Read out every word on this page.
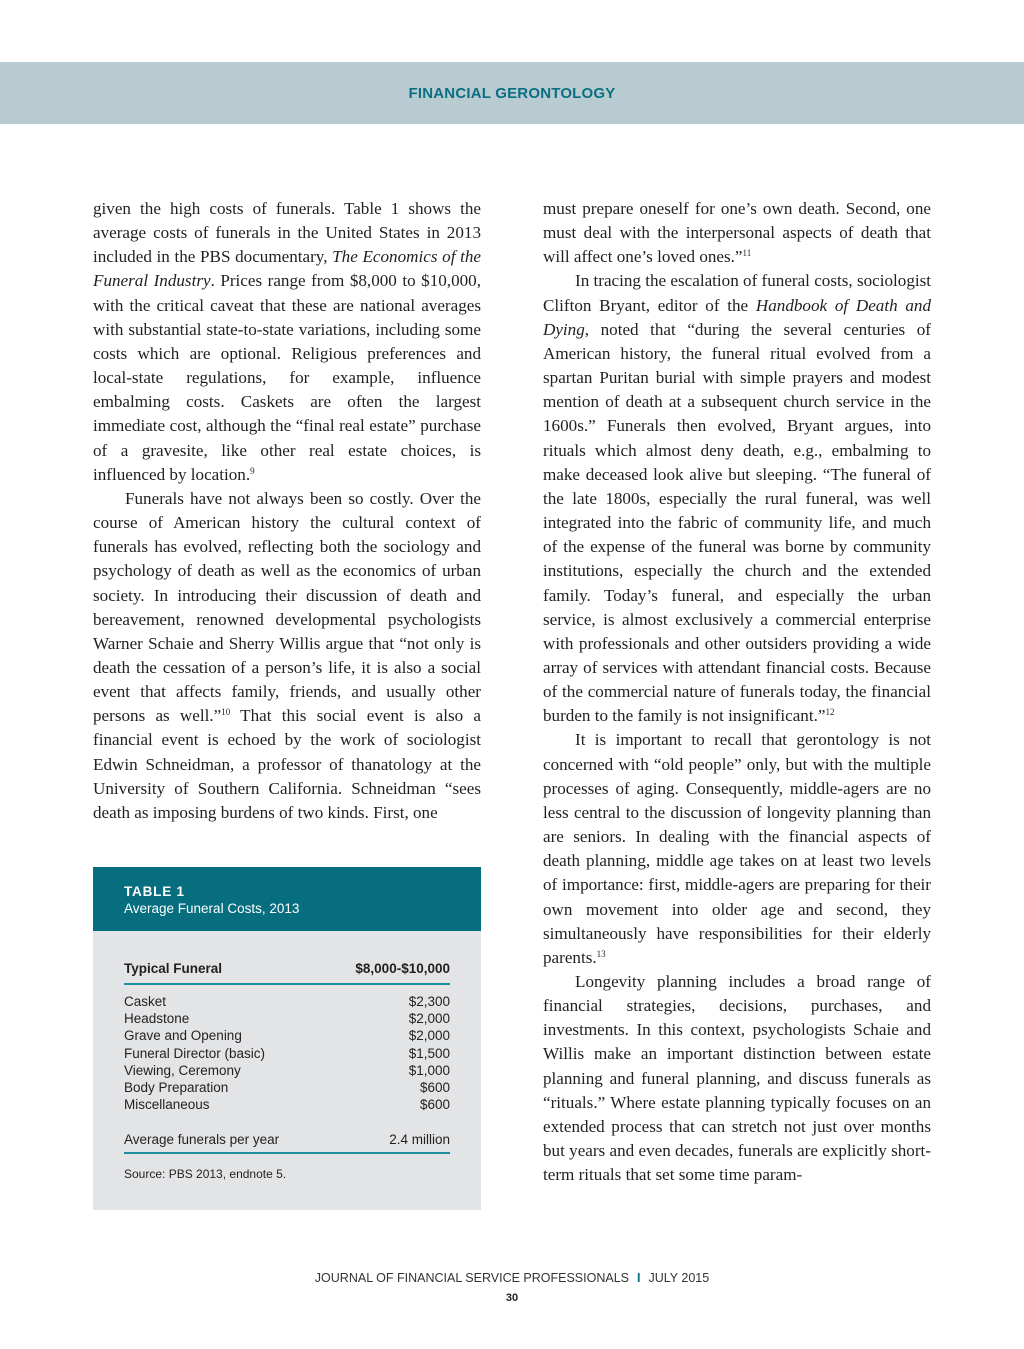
FINANCIAL GERONTOLOGY

given the high costs of funerals. Table 1 shows the average costs of funerals in the United States in 2013 included in the PBS documentary, The Economics of the Funeral Industry. Prices range from $8,000 to $10,000, with the critical caveat that these are national averages with substantial state-to-state variations, including some costs which are optional. Religious preferences and local-state regulations, for example, influence embalming costs. Caskets are often the largest immediate cost, although the “final real estate” purchase of a gravesite, like other real estate choices, is influenced by location.$^9$

Funerals have not always been so costly. Over the course of American history the cultural context of funerals has evolved, reflecting both the sociology and psychology of death as well as the economics of urban society. In introducing their discussion of death and bereavement, renowned developmental psychologists Warner Schaie and Sherry Willis argue that “not only is death the cessation of a person’s life, it is also a social event that affects family, friends, and usually other persons as well.”$^{10}$ That this social event is also a financial event is echoed by the work of sociologist Edwin Schneidman, a professor of thanatology at the University of Southern California. Schneidman “sees death as imposing burdens of two kinds. First, one

must prepare oneself for one’s own death. Second, one must deal with the interpersonal aspects of death that will affect one’s loved ones.”$^{11}$

In tracing the escalation of funeral costs, sociologist Clifton Bryant, editor of the Handbook of Death and Dying, noted that “during the several centuries of American history, the funeral ritual evolved from a spartan Puritan burial with simple prayers and modest mention of death at a subsequent church service in the 1600s.” Funerals then evolved, Bryant argues, into rituals which almost deny death, e.g., embalming to make deceased look alive but sleeping. “The funeral of the late 1800s, especially the rural funeral, was well integrated into the fabric of community life, and much of the expense of the funeral was borne by community institutions, especially the church and the extended family. Today’s funeral, and especially the urban service, is almost exclusively a commercial enterprise with professionals and other outsiders providing a wide array of services with attendant financial costs. Because of the commercial nature of funerals today, the financial burden to the family is not insignificant.”$^{12}$

It is important to recall that gerontology is not concerned with “old people” only, but with the multiple processes of aging. Consequently, middle-agers are no less central to the discussion of longevity planning than are seniors. In dealing with the financial aspects of death planning, middle age takes on at least two levels of importance: first, middle-agers are preparing for their own movement into older age and second, they simultaneously have responsibilities for their elderly parents.$^{13}$

Longevity planning includes a broad range of financial strategies, decisions, purchases, and investments. In this context, psychologists Schaie and Willis make an important distinction between estate planning and funeral planning, and discuss funerals as “rituals.” Where estate planning typically focuses on an extended process that can stretch not just over months but years and even decades, funerals are explicitly short-term rituals that set some time param-

TABLE 1
Average Funeral Costs, 2013
Typical Funeral	$8,000-$10,000
Casket	$2,300
Headstone	$2,000
Grave and Opening	$2,000
Funeral Director (basic)	$1,500
Viewing, Ceremony	$1,000
Body Preparation	$600
Miscellaneous	$600
Average funerals per year	2.4 million
Source: PBS 2013, endnote 5.
JOURNAL OF FINANCIAL SERVICE PROFESSIONALS I JULY 2015
30
